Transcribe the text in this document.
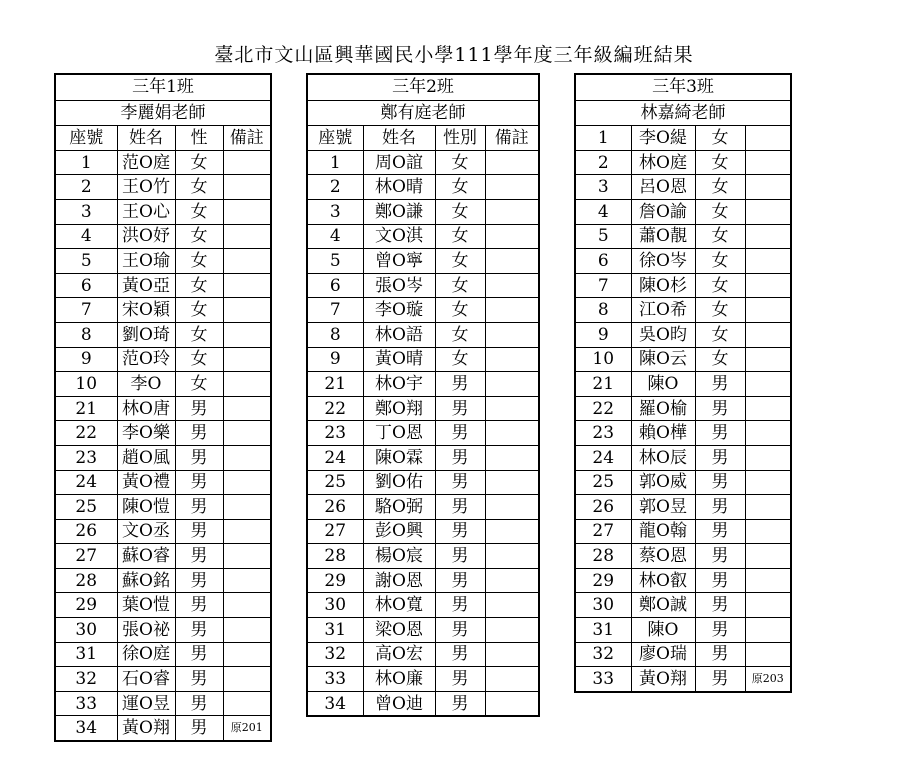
臺北市文山區興華國民小學111學年度三年級編班結果
三年1班			
李麗娟老師			
座號	姓名	性	備註
1	范O庭	女	
2	王O竹	女	
3	王O心	女	
4	洪O妤	女	
5	王O瑜	女	
6	黃O亞	女	
7	宋O穎	女	
8	劉O琦	女	
9	范O玲	女	
10	李O	女	
21	林O唐	男	
22	李O樂	男	
23	趙O風	男	
24	黃O禮	男	
25	陳O愷	男	
26	文O丞	男	
27	蘇O睿	男	
28	蘇O銘	男	
29	葉O愷	男	
30	張O祕	男	
31	徐O庭	男	
32	石O睿	男	
33	運O昱	男	
34	黃O翔	男	原201
三年2班			
鄭有庭老師			
座號	姓名	性別	備註
1	周O誼	女	
2	林O晴	女	
3	鄭O謙	女	
4	文O淇	女	
5	曾O寧	女	
6	張O岑	女	
7	李O璇	女	
8	林O語	女	
9	黃O晴	女	
21	林O宇	男	
22	鄭O翔	男	
23	丁O恩	男	
24	陳O霖	男	
25	劉O佑	男	
26	駱O弼	男	
27	彭O興	男	
28	楊O宸	男	
29	謝O恩	男	
30	林O寬	男	
31	梁O恩	男	
32	高O宏	男	
33	林O廉	男	
34	曾O迪	男	
三年3班			
林嘉綺老師			
1	李O緹	女	
2	林O庭	女	
3	呂O恩	女	
4	詹O諭	女	
5	蕭O靚	女	
6	徐O岑	女	
7	陳O杉	女	
8	江O希	女	
9	吳O昀	女	
10	陳O云	女	
21	陳O	男	
22	羅O榆	男	
23	賴O樺	男	
24	林O辰	男	
25	郭O威	男	
26	郭O昱	男	
27	龍O翰	男	
28	蔡O恩	男	
29	林O叡	男	
30	鄭O誠	男	
31	陳O	男	
32	廖O瑞	男	
33	黃O翔	男	原203
